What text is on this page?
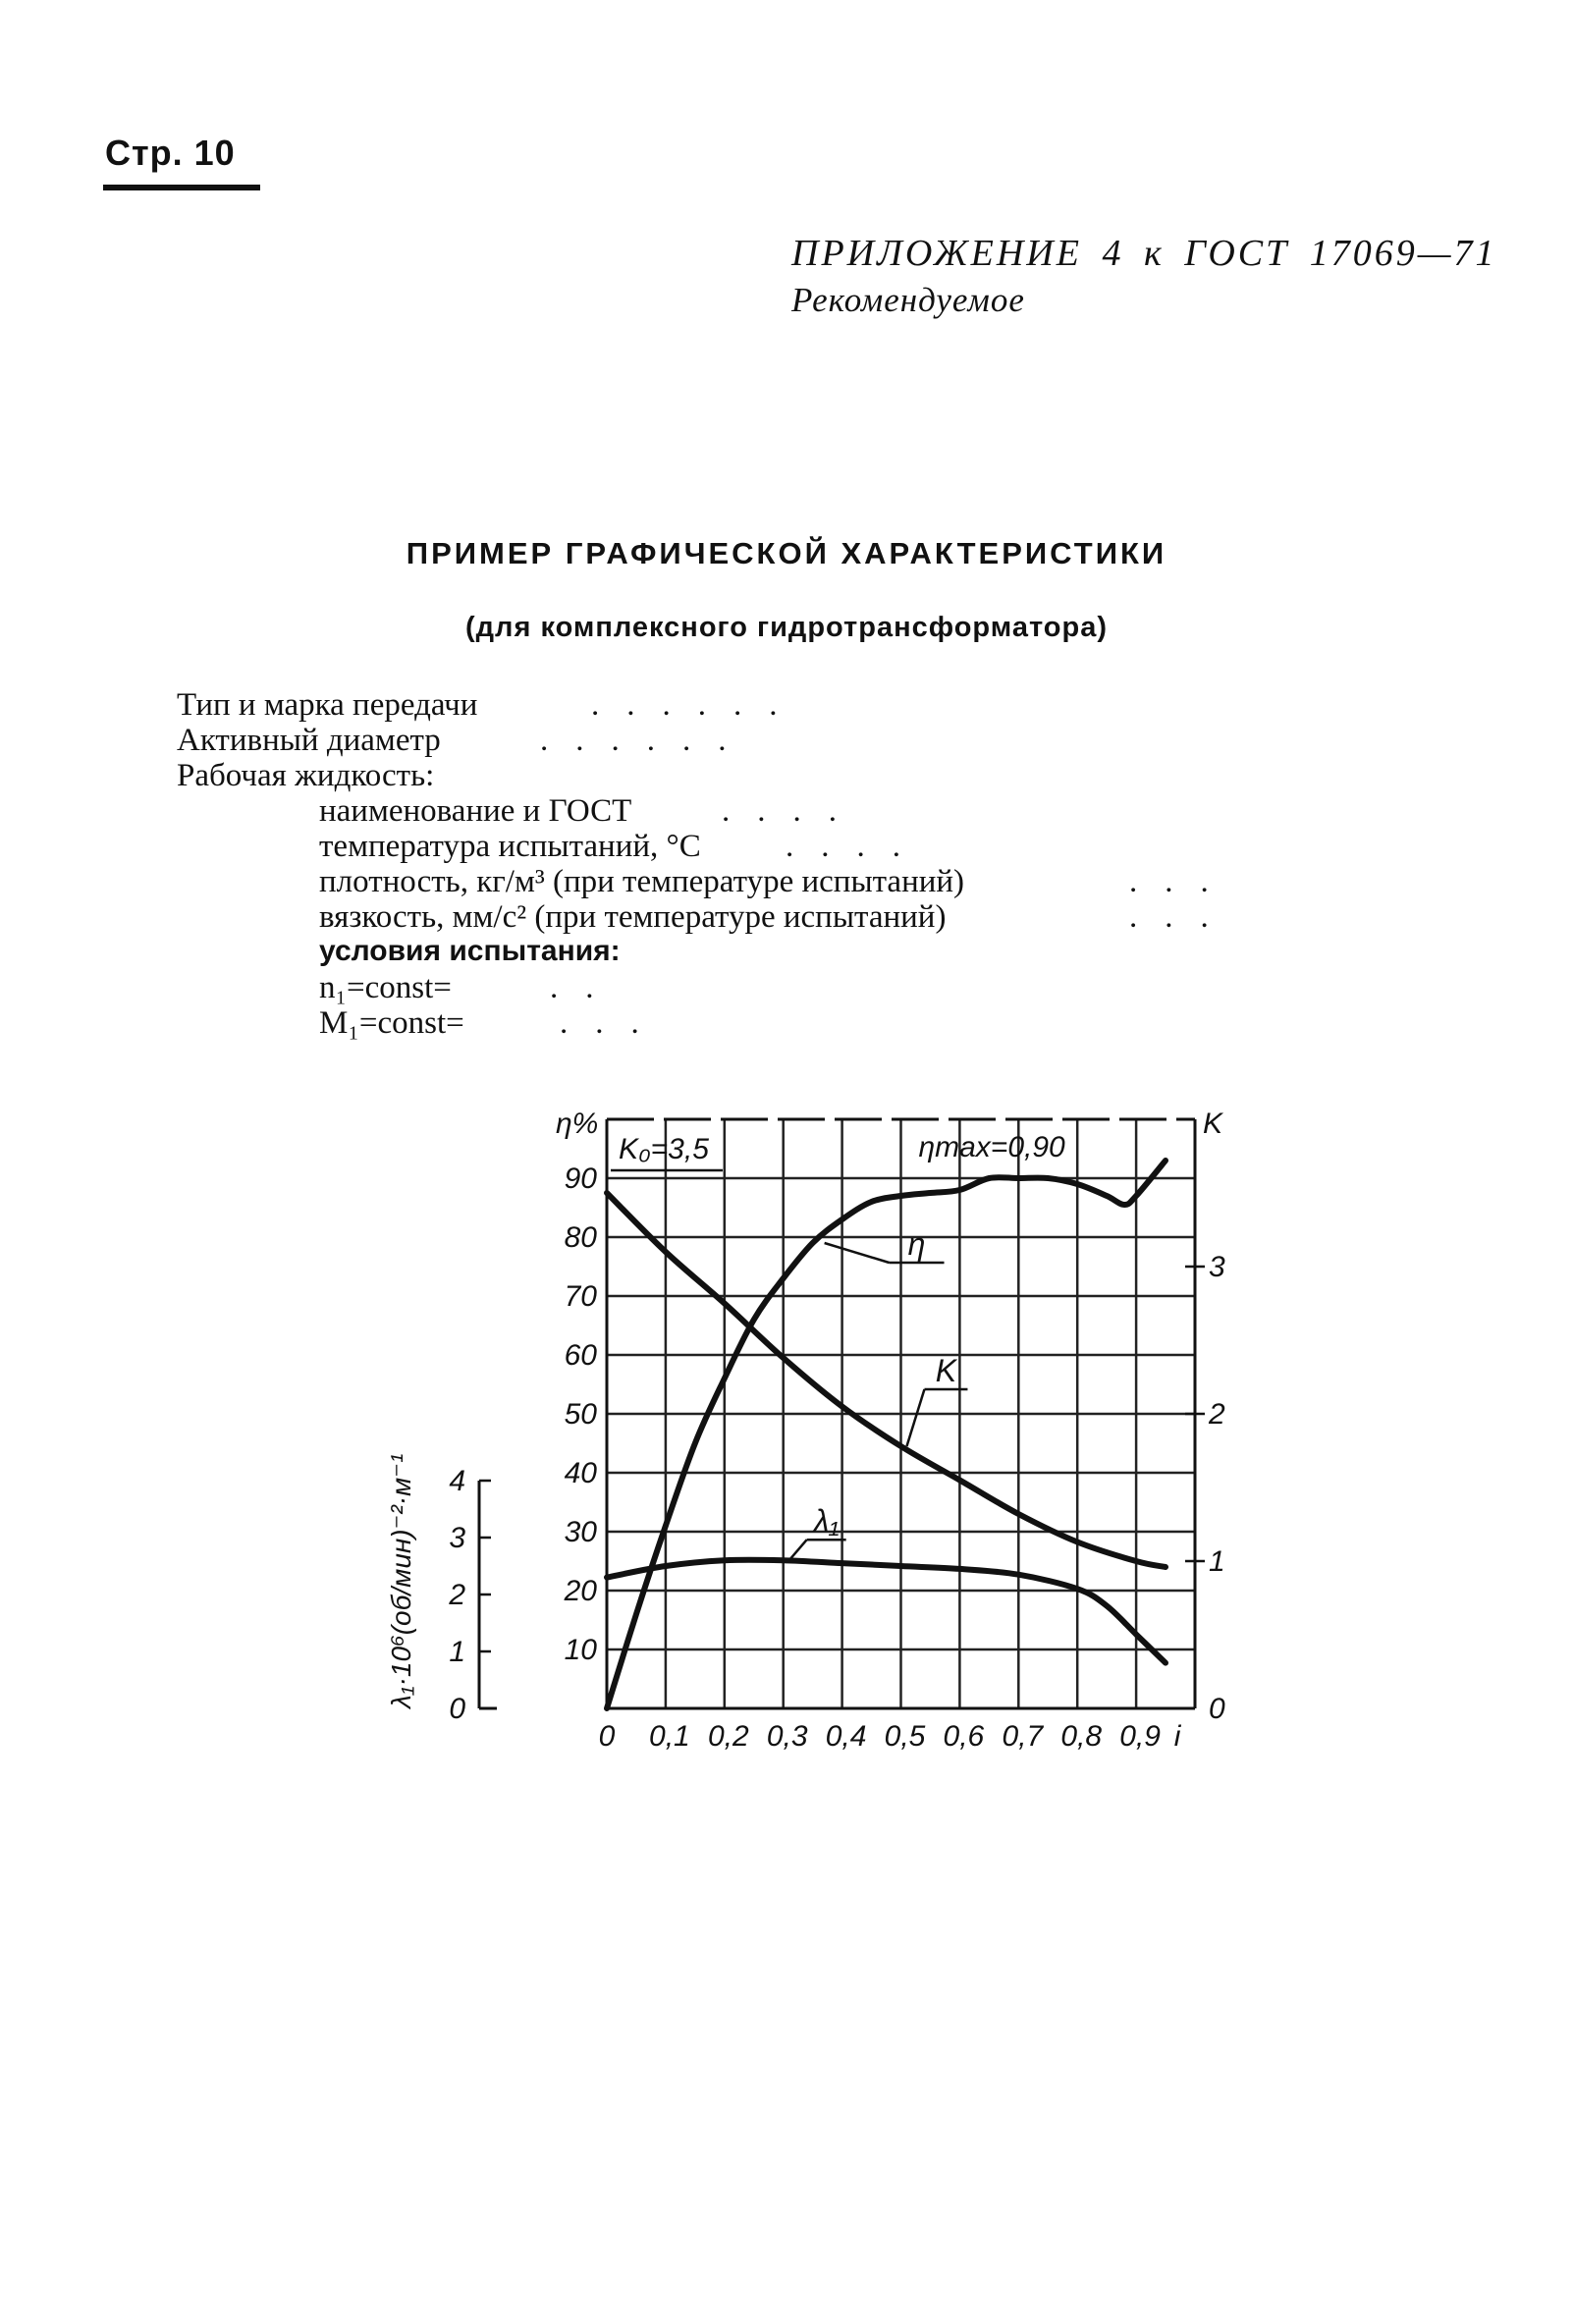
Стр. 10
ПРИЛОЖЕНИЕ 4 к ГОСТ 17069—71
Рекомендуемое
ПРИМЕР ГРАФИЧЕСКОЙ ХАРАКТЕРИСТИКИ
(для комплексного гидротрансформатора)
Тип и марка передачи	......
Активный диаметр	......
Рабочая жидкость:
наименование и ГОСТ	....
температура испытаний, °С	....
плотность, кг/м³ (при температуре испытаний)	...
вязкость, мм/с² (при температуре испытаний)	...
условия испытания:
n₁=const=	..
M₁=const=	...
0 0,1 0,2 0,3 0,4 0,5 0,6 0,7 0,8 0,9 i
10
20
30
40
50
60
70
80
90
η%
0
1
2
3
K
0
1
2
3
4
λ₁·10⁶(об/мин)⁻²·м⁻¹
η
K
λ₁
K₀=3,5	ηmax=0,90
